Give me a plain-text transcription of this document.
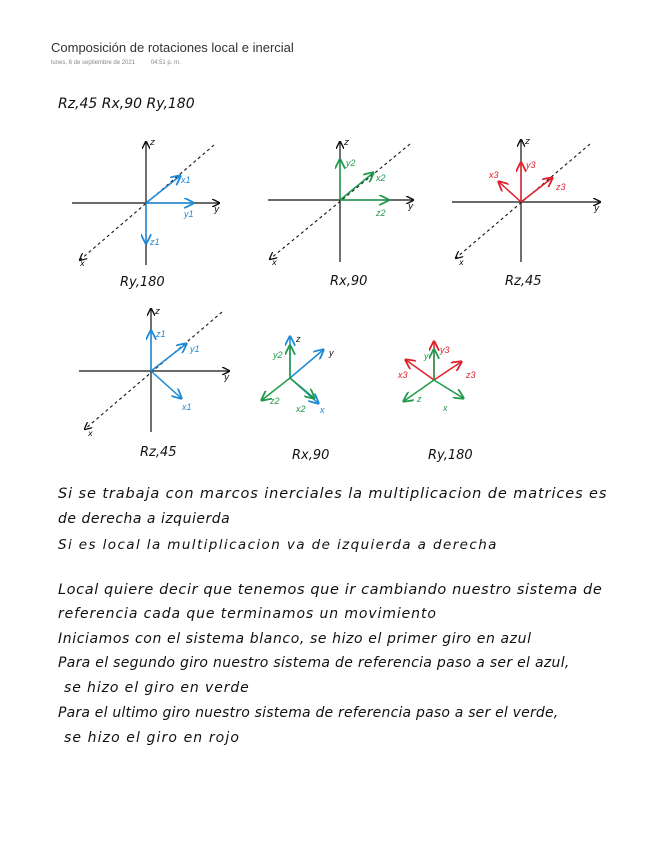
Composición de rotaciones local e inercial
lunes, 6 de septiembre de 2021	04:51 p. m.
Rz,45 Rx,90 Ry,180
z
y
x
x1
y1
z1
Ry,180
z
y
x
y2
x2
z2
Rx,90
z
y
x
x3
y3
z3
Rz,45
z
y
x
z1
y1
x1
Rz,45
z
y
y2
z2
x2 x
Rx,90
y
y3
x3	z3
z
x
Ry,180
Si se trabaja con marcos inerciales la multiplicacion de matrices es
de derecha a izquierda
Si es local la multiplicacion va de izquierda a derecha
Local quiere decir que tenemos que ir cambiando nuestro sistema de
referencia cada que terminamos un movimiento
Iniciamos con el sistema blanco, se hizo el primer giro en azul
Para el segundo giro nuestro sistema de referencia paso a ser el azul,
se hizo el giro en verde
Para el ultimo giro nuestro sistema de referencia paso a ser el verde,
se hizo el giro en rojo
